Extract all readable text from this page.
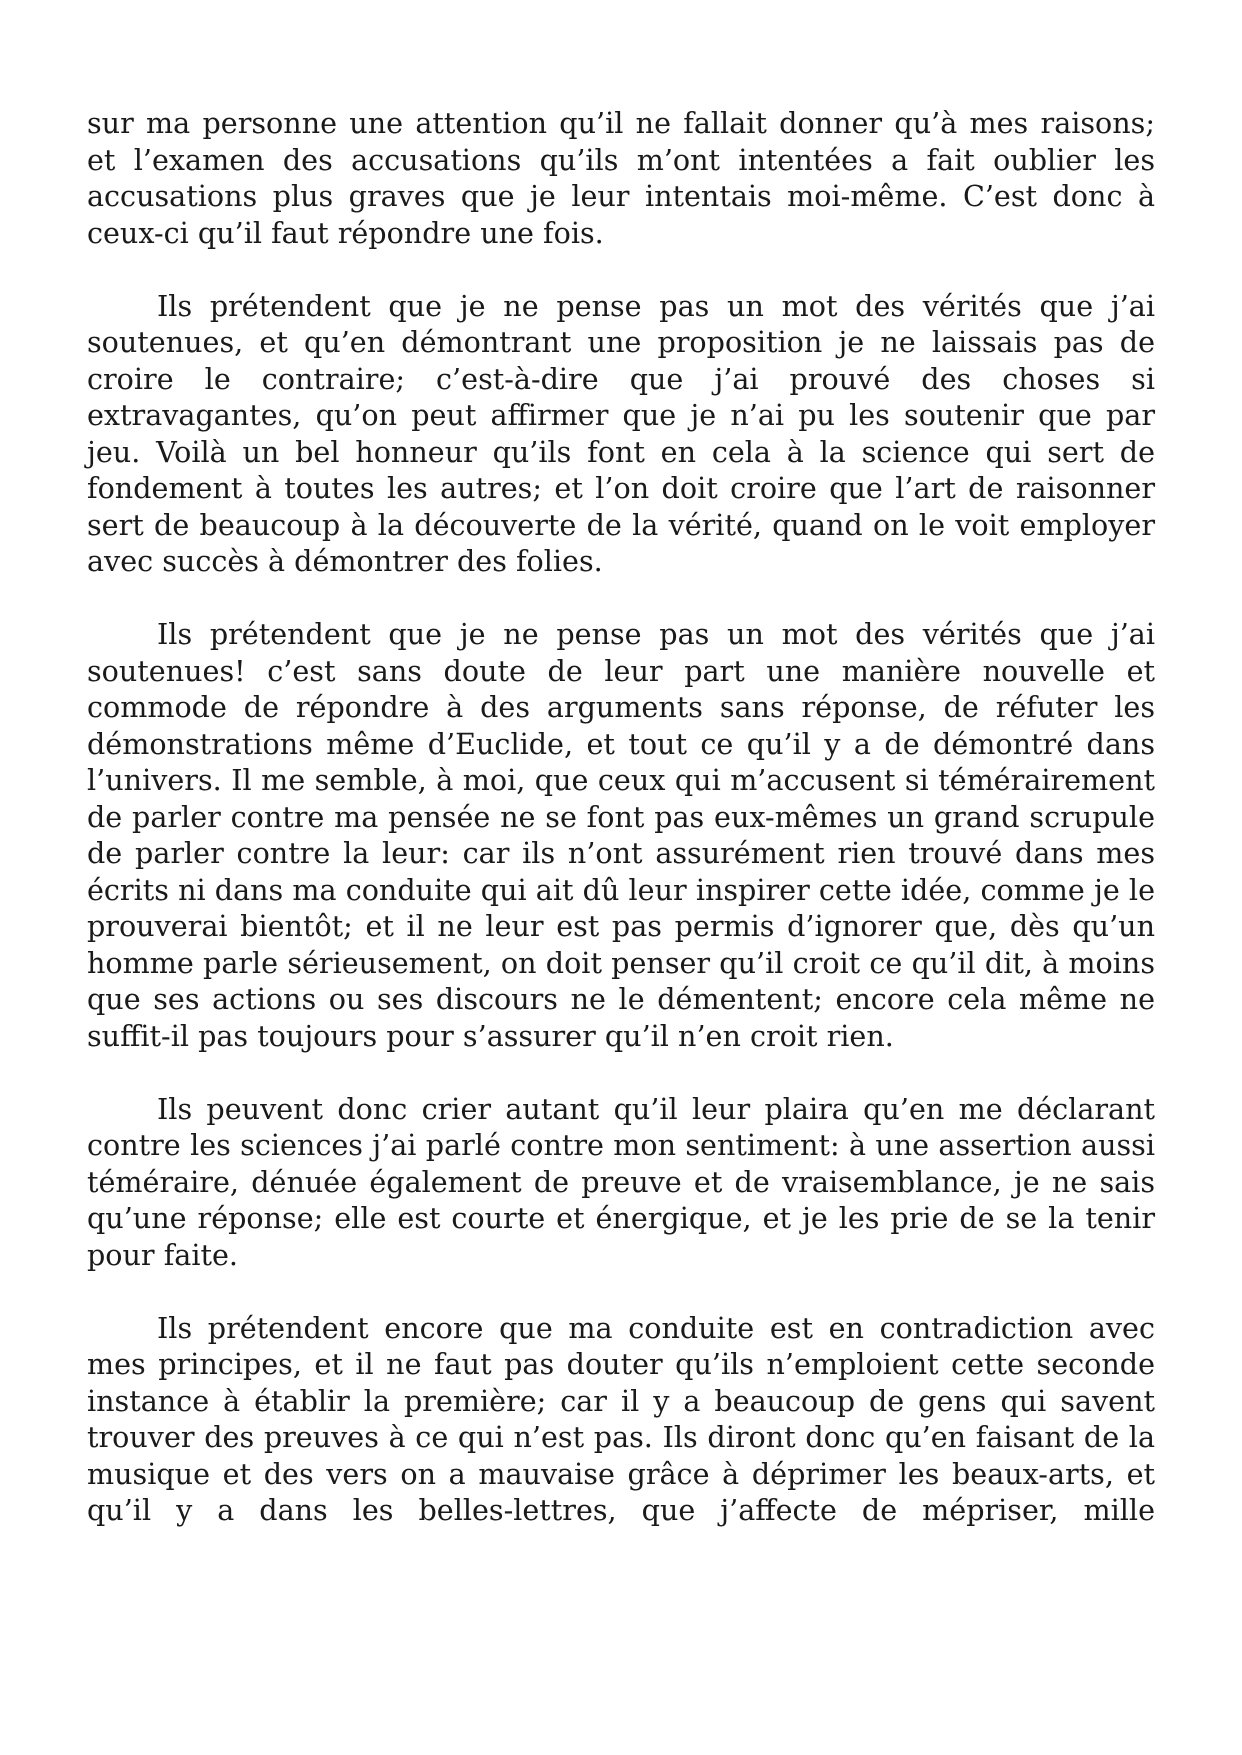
sur ma personne une attention qu’il ne fallait donner qu’à mes raisons; et l’examen des accusations qu’ils m’ont intentées a fait oublier les accusations plus graves que je leur intentais moi-même. C’est donc à ceux-ci qu’il faut répondre une fois.

Ils prétendent que je ne pense pas un mot des vérités que j’ai soutenues, et qu’en démontrant une proposition je ne laissais pas de croire le contraire; c’est-à-dire que j’ai prouvé des choses si extravagantes, qu’on peut affirmer que je n’ai pu les soutenir que par jeu. Voilà un bel honneur qu’ils font en cela à la science qui sert de fondement à toutes les autres; et l’on doit croire que l’art de raisonner sert de beaucoup à la découverte de la vérité, quand on le voit employer avec succès à démontrer des folies.

Ils prétendent que je ne pense pas un mot des vérités que j’ai soutenues! c’est sans doute de leur part une manière nouvelle et commode de répondre à des arguments sans réponse, de réfuter les démonstrations même d’Euclide, et tout ce qu’il y a de démontré dans l’univers. Il me semble, à moi, que ceux qui m’accusent si témérairement de parler contre ma pensée ne se font pas eux-mêmes un grand scrupule de parler contre la leur: car ils n’ont assurément rien trouvé dans mes écrits ni dans ma conduite qui ait dû leur inspirer cette idée, comme je le prouverai bientôt; et il ne leur est pas permis d’ignorer que, dès qu’un homme parle sérieusement, on doit penser qu’il croit ce qu’il dit, à moins que ses actions ou ses discours ne le démentent; encore cela même ne suffit-il pas toujours pour s’assurer qu’il n’en croit rien.

Ils peuvent donc crier autant qu’il leur plaira qu’en me déclarant contre les sciences j’ai parlé contre mon sentiment: à une assertion aussi téméraire, dénuée également de preuve et de vraisemblance, je ne sais qu’une réponse; elle est courte et énergique, et je les prie de se la tenir pour faite.

Ils prétendent encore que ma conduite est en contradiction avec mes principes, et il ne faut pas douter qu’ils n’emploient cette seconde instance à établir la première; car il y a beaucoup de gens qui savent trouver des preuves à ce qui n’est pas. Ils diront donc qu’en faisant de la musique et des vers on a mauvaise grâce à déprimer les beaux-arts, et qu’il y a dans les belles-lettres, que j’affecte de mépriser, mille
